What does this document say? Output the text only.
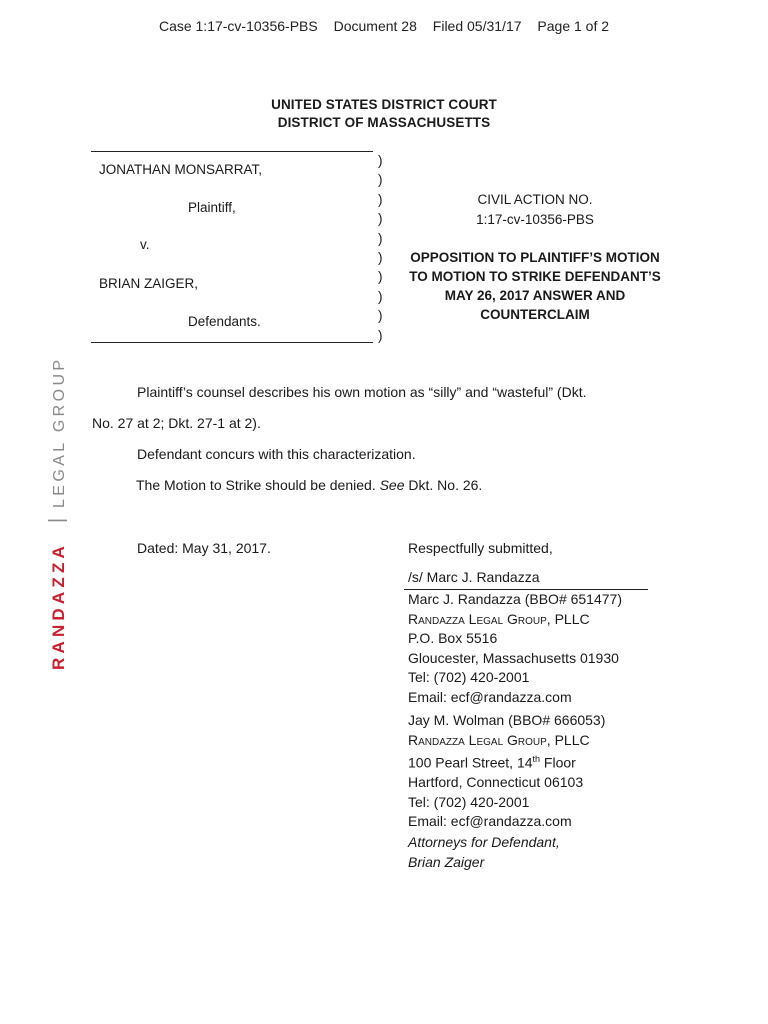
Case 1:17-cv-10356-PBS Document 28 Filed 05/31/17 Page 1 of 2
UNITED STATES DISTRICT COURT
DISTRICT OF MASSACHUSETTS
JONATHAN MONSARRAT,
Plaintiff,
v.
BRIAN ZAIGER,
Defendants.
)
)
)
)
)
)
)
)
)
)
CIVIL ACTION NO.
1:17-cv-10356-PBS
OPPOSITION TO PLAINTIFF’S MOTION
TO MOTION TO STRIKE DEFENDANT’S
MAY 26, 2017 ANSWER AND
COUNTERCLAIM
Plaintiff’s counsel describes his own motion as “silly” and “wasteful” (Dkt.
No. 27 at 2; Dkt. 27-1 at 2).
Defendant concurs with this characterization.
The Motion to Strike should be denied. See Dkt. No. 26.
Dated: May 31, 2017.	Respectfully submitted,
/s/ Marc J. Randazza
Marc J. Randazza (BBO# 651477)
Randazza Legal Group, PLLC
P.O. Box 5516
Gloucester, Massachusetts 01930
Tel: (702) 420-2001
Email: ecf@randazza.com
Jay M. Wolman (BBO# 666053)
Randazza Legal Group, PLLC
100 Pearl Street, 14th Floor
Hartford, Connecticut 06103
Tel: (702) 420-2001
Email: ecf@randazza.com
Attorneys for Defendant,
Brian Zaiger
RANDAZZA
|
LEGAL GROUP
